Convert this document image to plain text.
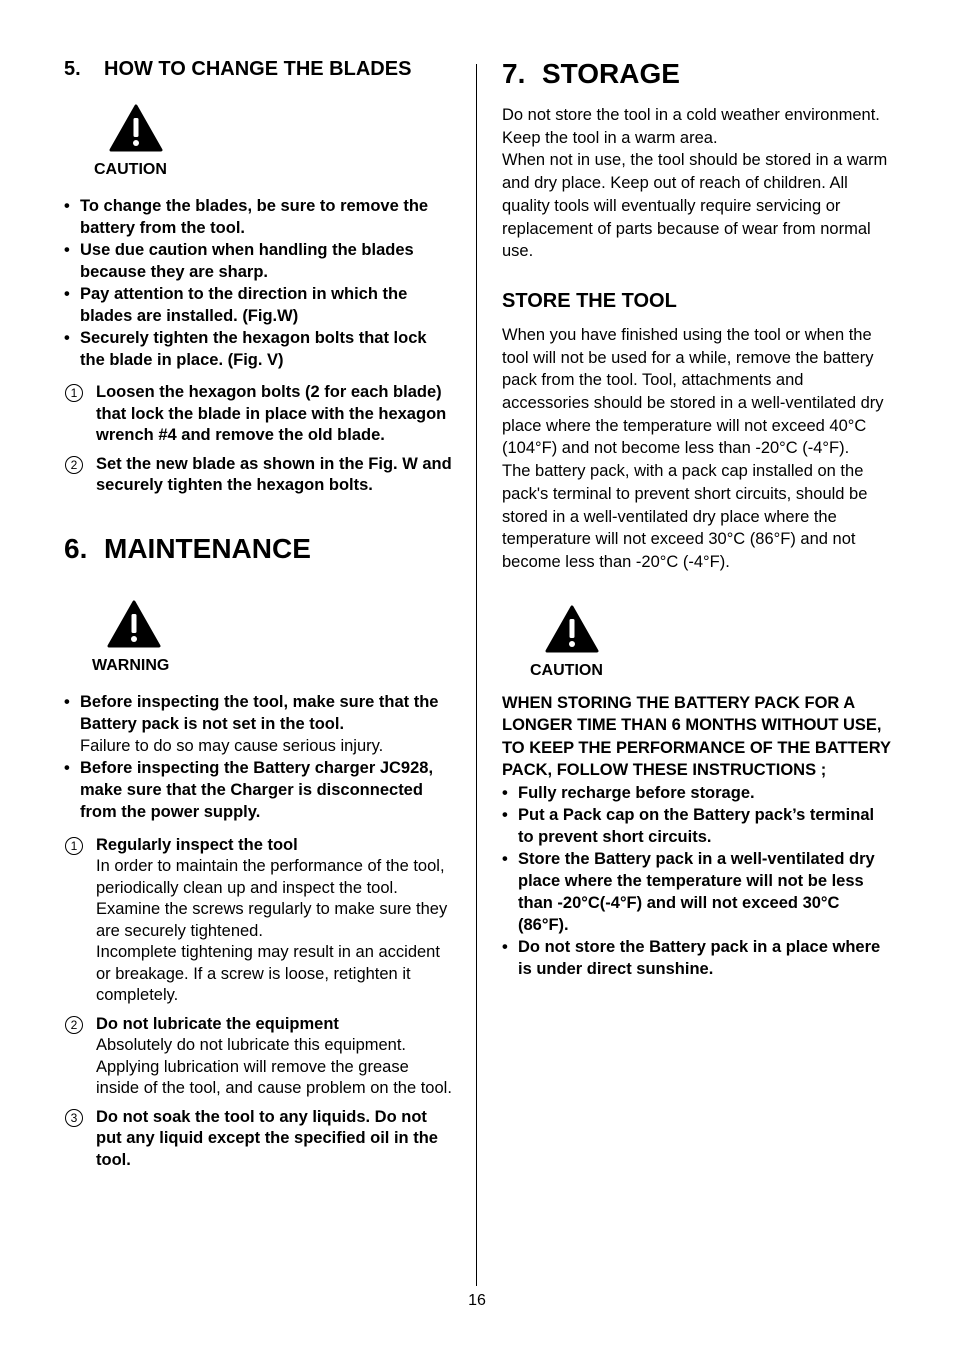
5. HOW TO CHANGE THE BLADES
CAUTION
• To change the blades, be sure to remove the battery from the tool.
• Use due caution when handling the blades because they are sharp.
• Pay attention to the direction in which the blades are installed. (Fig.W)
• Securely tighten the hexagon bolts that lock the blade in place. (Fig. V)
1	Loosen the hexagon bolts (2 for each blade) that lock the blade in place with the hexagon wrench #4 and remove the old blade.
2	Set the new blade as shown in the Fig. W and securely tighten the hexagon bolts.
6. MAINTENANCE
WARNING
• Before inspecting the tool, make sure that the Battery pack is not set in the tool.
Failure to do so may cause serious injury.
• Before inspecting the Battery charger JC928, make sure that the Charger is disconnected from the power supply.
1	Regularly inspect the tool
In order to maintain the performance of the tool, periodically clean up and inspect the tool.
Examine the screws regularly to make sure they are securely tightened.
Incomplete tightening may result in an accident or breakage. If a screw is loose, retighten it completely.
2	Do not lubricate the equipment
Absolutely do not lubricate this equipment.
Applying lubrication will remove the grease inside of the tool, and cause problem on the tool.
3	Do not soak the tool to any liquids. Do not put any liquid except the specified oil in the tool.
7. STORAGE

Do not store the tool in a cold weather environment. Keep the tool in a warm area.

When not in use, the tool should be stored in a warm and dry place. Keep out of reach of children. All quality tools will eventually require servicing or replacement of parts because of wear from normal use.

STORE THE TOOL

When you have finished using the tool or when the tool will not be used for a while, remove the battery pack from the tool. Tool, attachments and accessories should be stored in a well-ventilated dry place where the temperature will not exceed 40°C (104°F) and not become less than -20°C (-4°F).

The battery pack, with a pack cap installed on the pack's terminal to prevent short circuits, should be stored in a well-ventilated dry place where the temperature will not exceed 30°C (86°F) and not become less than -20°C (-4°F).

CAUTION

WHEN STORING THE BATTERY PACK FOR A LONGER TIME THAN 6 MONTHS WITHOUT USE,

TO KEEP THE PERFORMANCE OF THE BATTERY PACK, FOLLOW THESE INSTRUCTIONS ;

• Fully recharge before storage.
• Put a Pack cap on the Battery pack’s terminal to prevent short circuits.
• Store the Battery pack in a well-ventilated dry place where the temperature will not be less than -20°C(-4°F) and will not exceed 30°C (86°F).
• Do not store the Battery pack in a place where is under direct sunshine.
16
